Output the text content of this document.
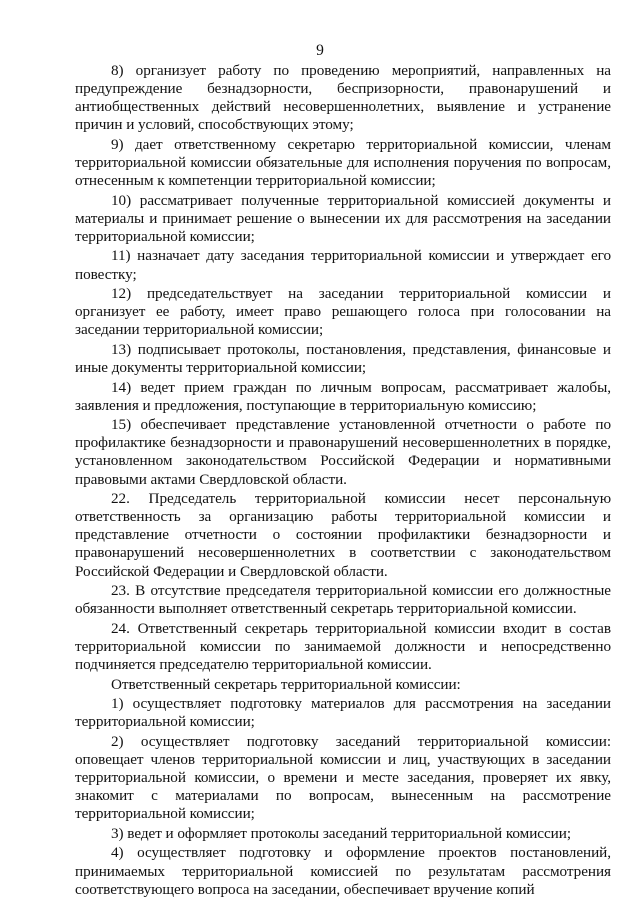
9

8) организует работу по проведению мероприятий, направленных на предупреждение безнадзорности, беспризорности, правонарушений и антиобщественных действий несовершеннолетних, выявление и устранение причин и условий, способствующих этому;

9) дает ответственному секретарю территориальной комиссии, членам территориальной комиссии обязательные для исполнения поручения по вопросам, отнесенным к компетенции территориальной комиссии;

10) рассматривает полученные территориальной комиссией документы и материалы и принимает решение о вынесении их для рассмотрения на заседании территориальной комиссии;

11) назначает дату заседания территориальной комиссии и утверждает его повестку;

12) председательствует на заседании территориальной комиссии и организует ее работу, имеет право решающего голоса при голосовании на заседании территориальной комиссии;

13) подписывает протоколы, постановления, представления, финансовые и иные документы территориальной комиссии;

14) ведет прием граждан по личным вопросам, рассматривает жалобы, заявления и предложения, поступающие в территориальную комиссию;

15) обеспечивает представление установленной отчетности о работе по профилактике безнадзорности и правонарушений несовершеннолетних в порядке, установленном законодательством Российской Федерации и нормативными правовыми актами Свердловской области.

22. Председатель территориальной комиссии несет персональную ответственность за организацию работы территориальной комиссии и представление отчетности о состоянии профилактики безнадзорности и правонарушений несовершеннолетних в соответствии с законодательством Российской Федерации и Свердловской области.

23. В отсутствие председателя территориальной комиссии его должностные обязанности выполняет ответственный секретарь территориальной комиссии.

24. Ответственный секретарь территориальной комиссии входит в состав территориальной комиссии по занимаемой должности и непосредственно подчиняется председателю территориальной комиссии.

Ответственный секретарь территориальной комиссии:

1) осуществляет подготовку материалов для рассмотрения на заседании территориальной комиссии;

2) осуществляет подготовку заседаний территориальной комиссии: оповещает членов территориальной комиссии и лиц, участвующих в заседании территориальной комиссии, о времени и месте заседания, проверяет их явку, знакомит с материалами по вопросам, вынесенным на рассмотрение территориальной комиссии;

3) ведет и оформляет протоколы заседаний территориальной комиссии;

4) осуществляет подготовку и оформление проектов постановлений, принимаемых территориальной комиссией по результатам рассмотрения соответствующего вопроса на заседании, обеспечивает вручение копий
